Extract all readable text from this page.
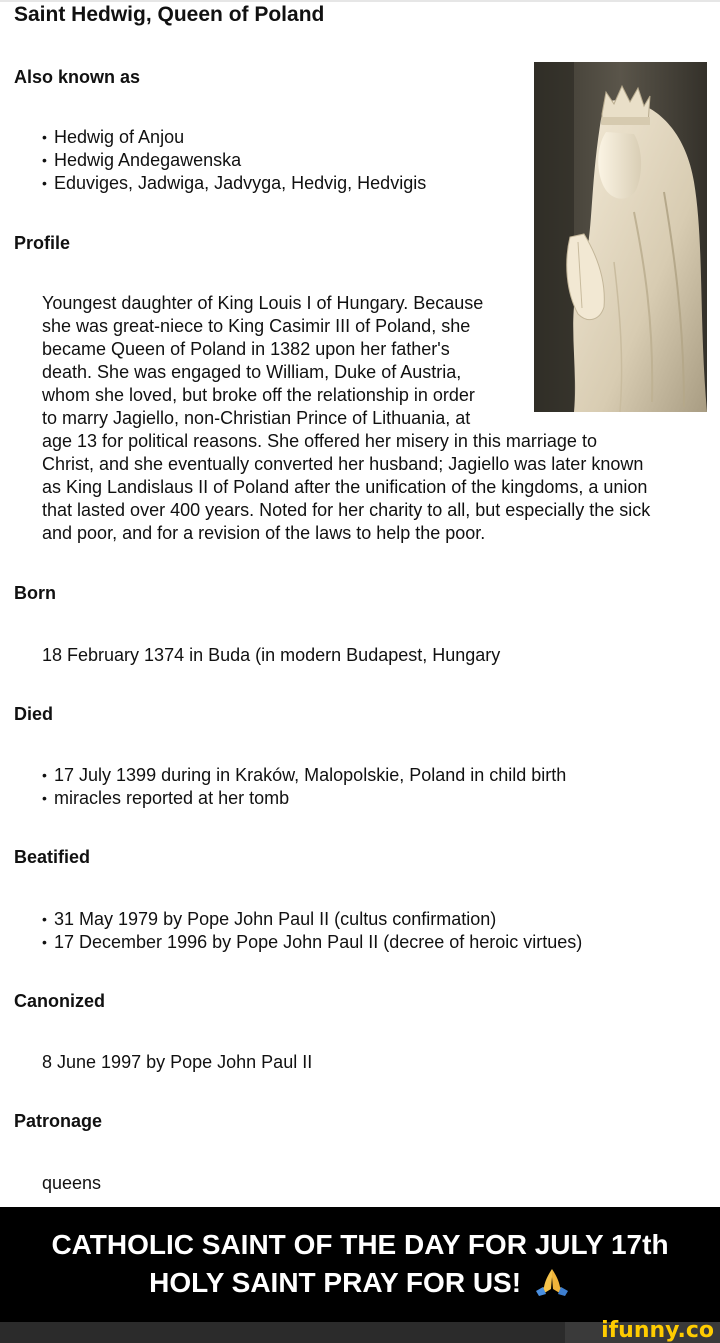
Saint Hedwig, Queen of Poland
Also known as
• Hedwig of Anjou
• Hedwig Andegawenska
• Eduviges, Jadwiga, Jadvyga, Hedvig, Hedvigis
Profile
Youngest daughter of King Louis I of Hungary. Because
she was great-niece to King Casimir III of Poland, she
became Queen of Poland in 1382 upon her father's
death. She was engaged to William, Duke of Austria,
whom she loved, but broke off the relationship in order
to marry Jagiello, non-Christian Prince of Lithuania, at
age 13 for political reasons. She offered her misery in this marriage to
Christ, and she eventually converted her husband; Jagiello was later known
as King Landislaus II of Poland after the unification of the kingdoms, a union
that lasted over 400 years. Noted for her charity to all, but especially the sick
and poor, and for a revision of the laws to help the poor.
Born
18 February 1374 in Buda (in modern Budapest, Hungary
Died
• 17 July 1399 during in Kraków, Malopolskie, Poland in child birth
• miracles reported at her tomb
Beatified
• 31 May 1979 by Pope John Paul II (cultus confirmation)
• 17 December 1996 by Pope John Paul II (decree of heroic virtues)
Canonized
8 June 1997 by Pope John Paul II
Patronage
queens
CATHOLIC SAINT OF THE DAY FOR JULY 17th
HOLY SAINT PRAY FOR US!
ifunny.co
